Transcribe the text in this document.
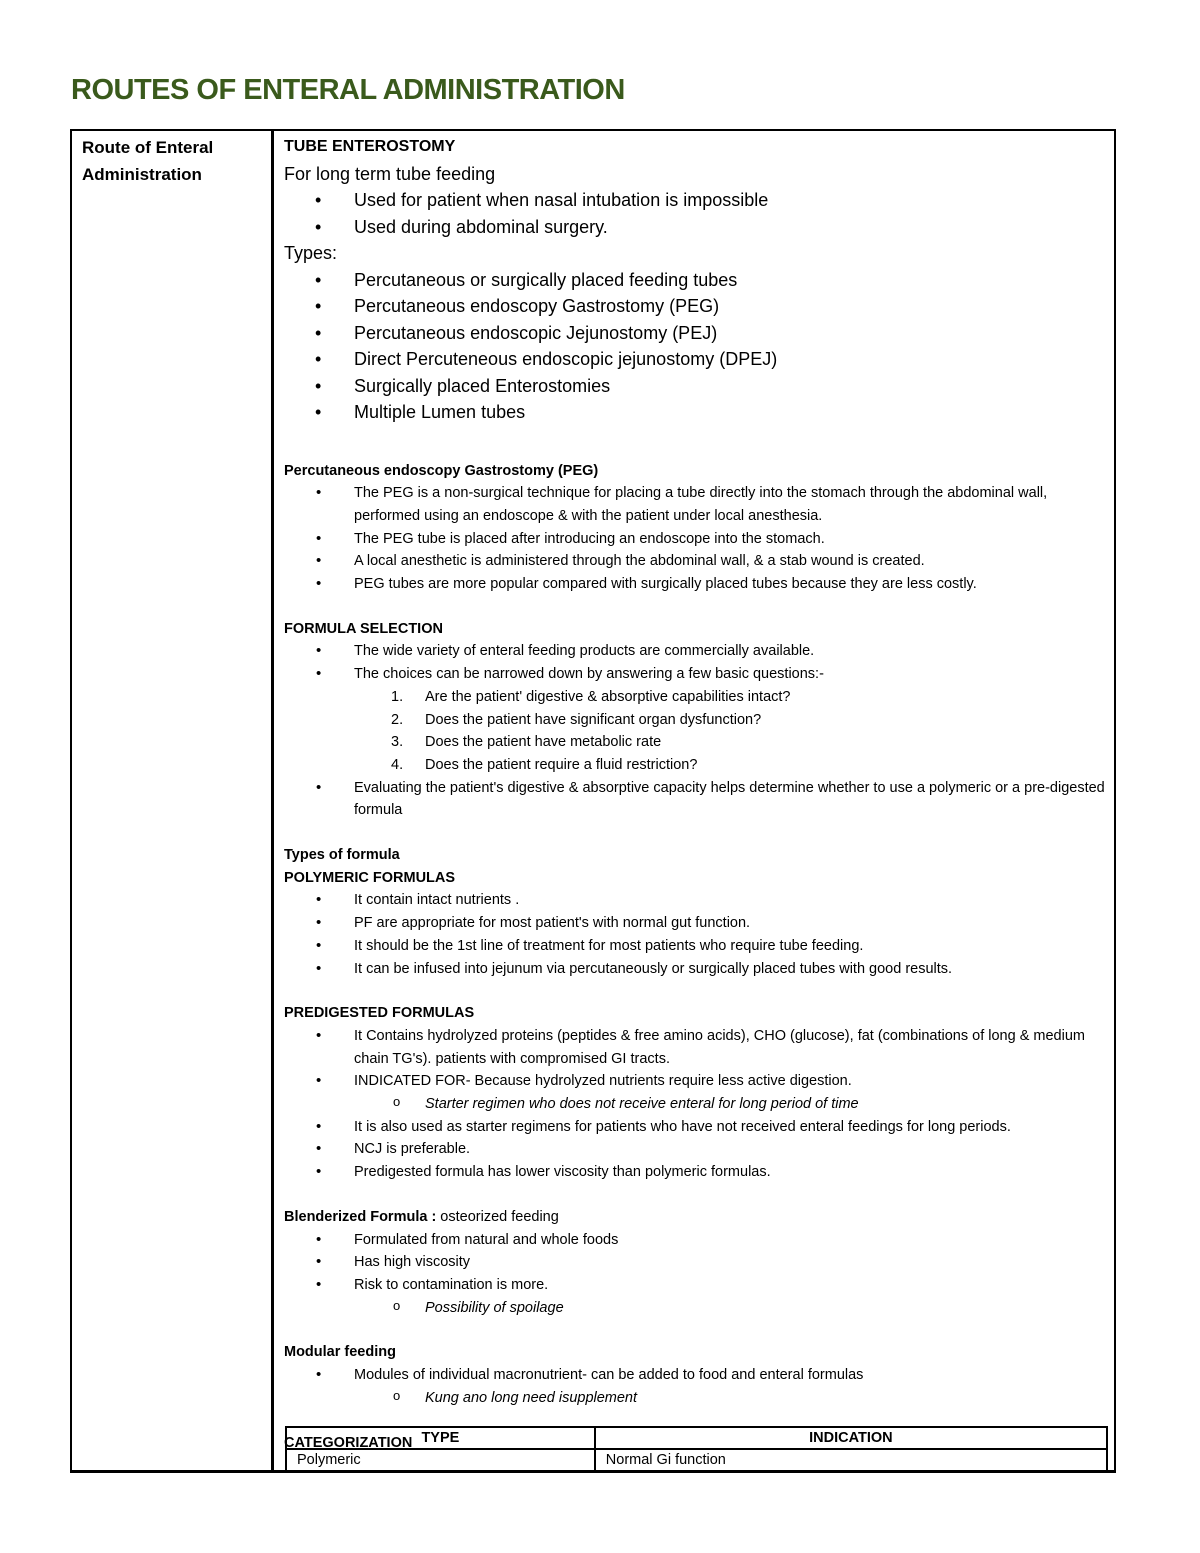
ROUTES OF ENTERAL ADMINISTRATION
Route of Enteral
Administration
TUBE ENTEROSTOMY
For long term tube feeding
• Used for patient when nasal intubation is impossible
• Used during abdominal surgery.
Types:
• Percutaneous or surgically placed feeding tubes
• Percutaneous endoscopy Gastrostomy (PEG)
• Percutaneous endoscopic Jejunostomy (PEJ)
• Direct Percuteneous endoscopic jejunostomy (DPEJ)
• Surgically placed Enterostomies
• Multiple Lumen tubes
Percutaneous endoscopy Gastrostomy (PEG)
• The PEG is a non-surgical technique for placing a tube directly into the stomach through the abdominal wall, performed using an endoscope & with the patient under local anesthesia.
• The PEG tube is placed after introducing an endoscope into the stomach.
• A local anesthetic is administered through the abdominal wall, & a stab wound is created.
• PEG tubes are more popular compared with surgically placed tubes because they are less costly.
FORMULA SELECTION
• The wide variety of enteral feeding products are commercially available.
• The choices can be narrowed down by answering a few basic questions:-
1. Are the patient' digestive & absorptive capabilities intact?
2. Does the patient have significant organ dysfunction?
3. Does the patient have metabolic rate
4. Does the patient require a fluid restriction?
• Evaluating the patient's digestive & absorptive capacity helps determine whether to use a polymeric or a pre-digested formula
Types of formula
POLYMERIC FORMULAS
• It contain intact nutrients .
• PF are appropriate for most patient's with normal gut function.
• It should be the 1st line of treatment for most patients who require tube feeding.
• It can be infused into jejunum via percutaneously or surgically placed tubes with good results.
PREDIGESTED FORMULAS
• It Contains hydrolyzed proteins (peptides & free amino acids), CHO (glucose), fat (combinations of long & medium chain TG's). patients with compromised GI tracts.
• INDICATED FOR- Because hydrolyzed nutrients require less active digestion.
o Starter regimen who does not receive enteral for long period of time
• It is also used as starter regimens for patients who have not received enteral feedings for long periods.
• NCJ is preferable.
• Predigested formula has lower viscosity than polymeric formulas.
Blenderized Formula : osteorized feeding
• Formulated from natural and whole foods
• Has high viscosity
• Risk to contamination is more.
o Possibility of spoilage
Modular feeding
• Modules of individual macronutrient- can be added to food and enteral formulas
o Kung ano long need isupplement
CATEGORIZATION TYPE	INDICATION
Polymeric	Normal Gi function
